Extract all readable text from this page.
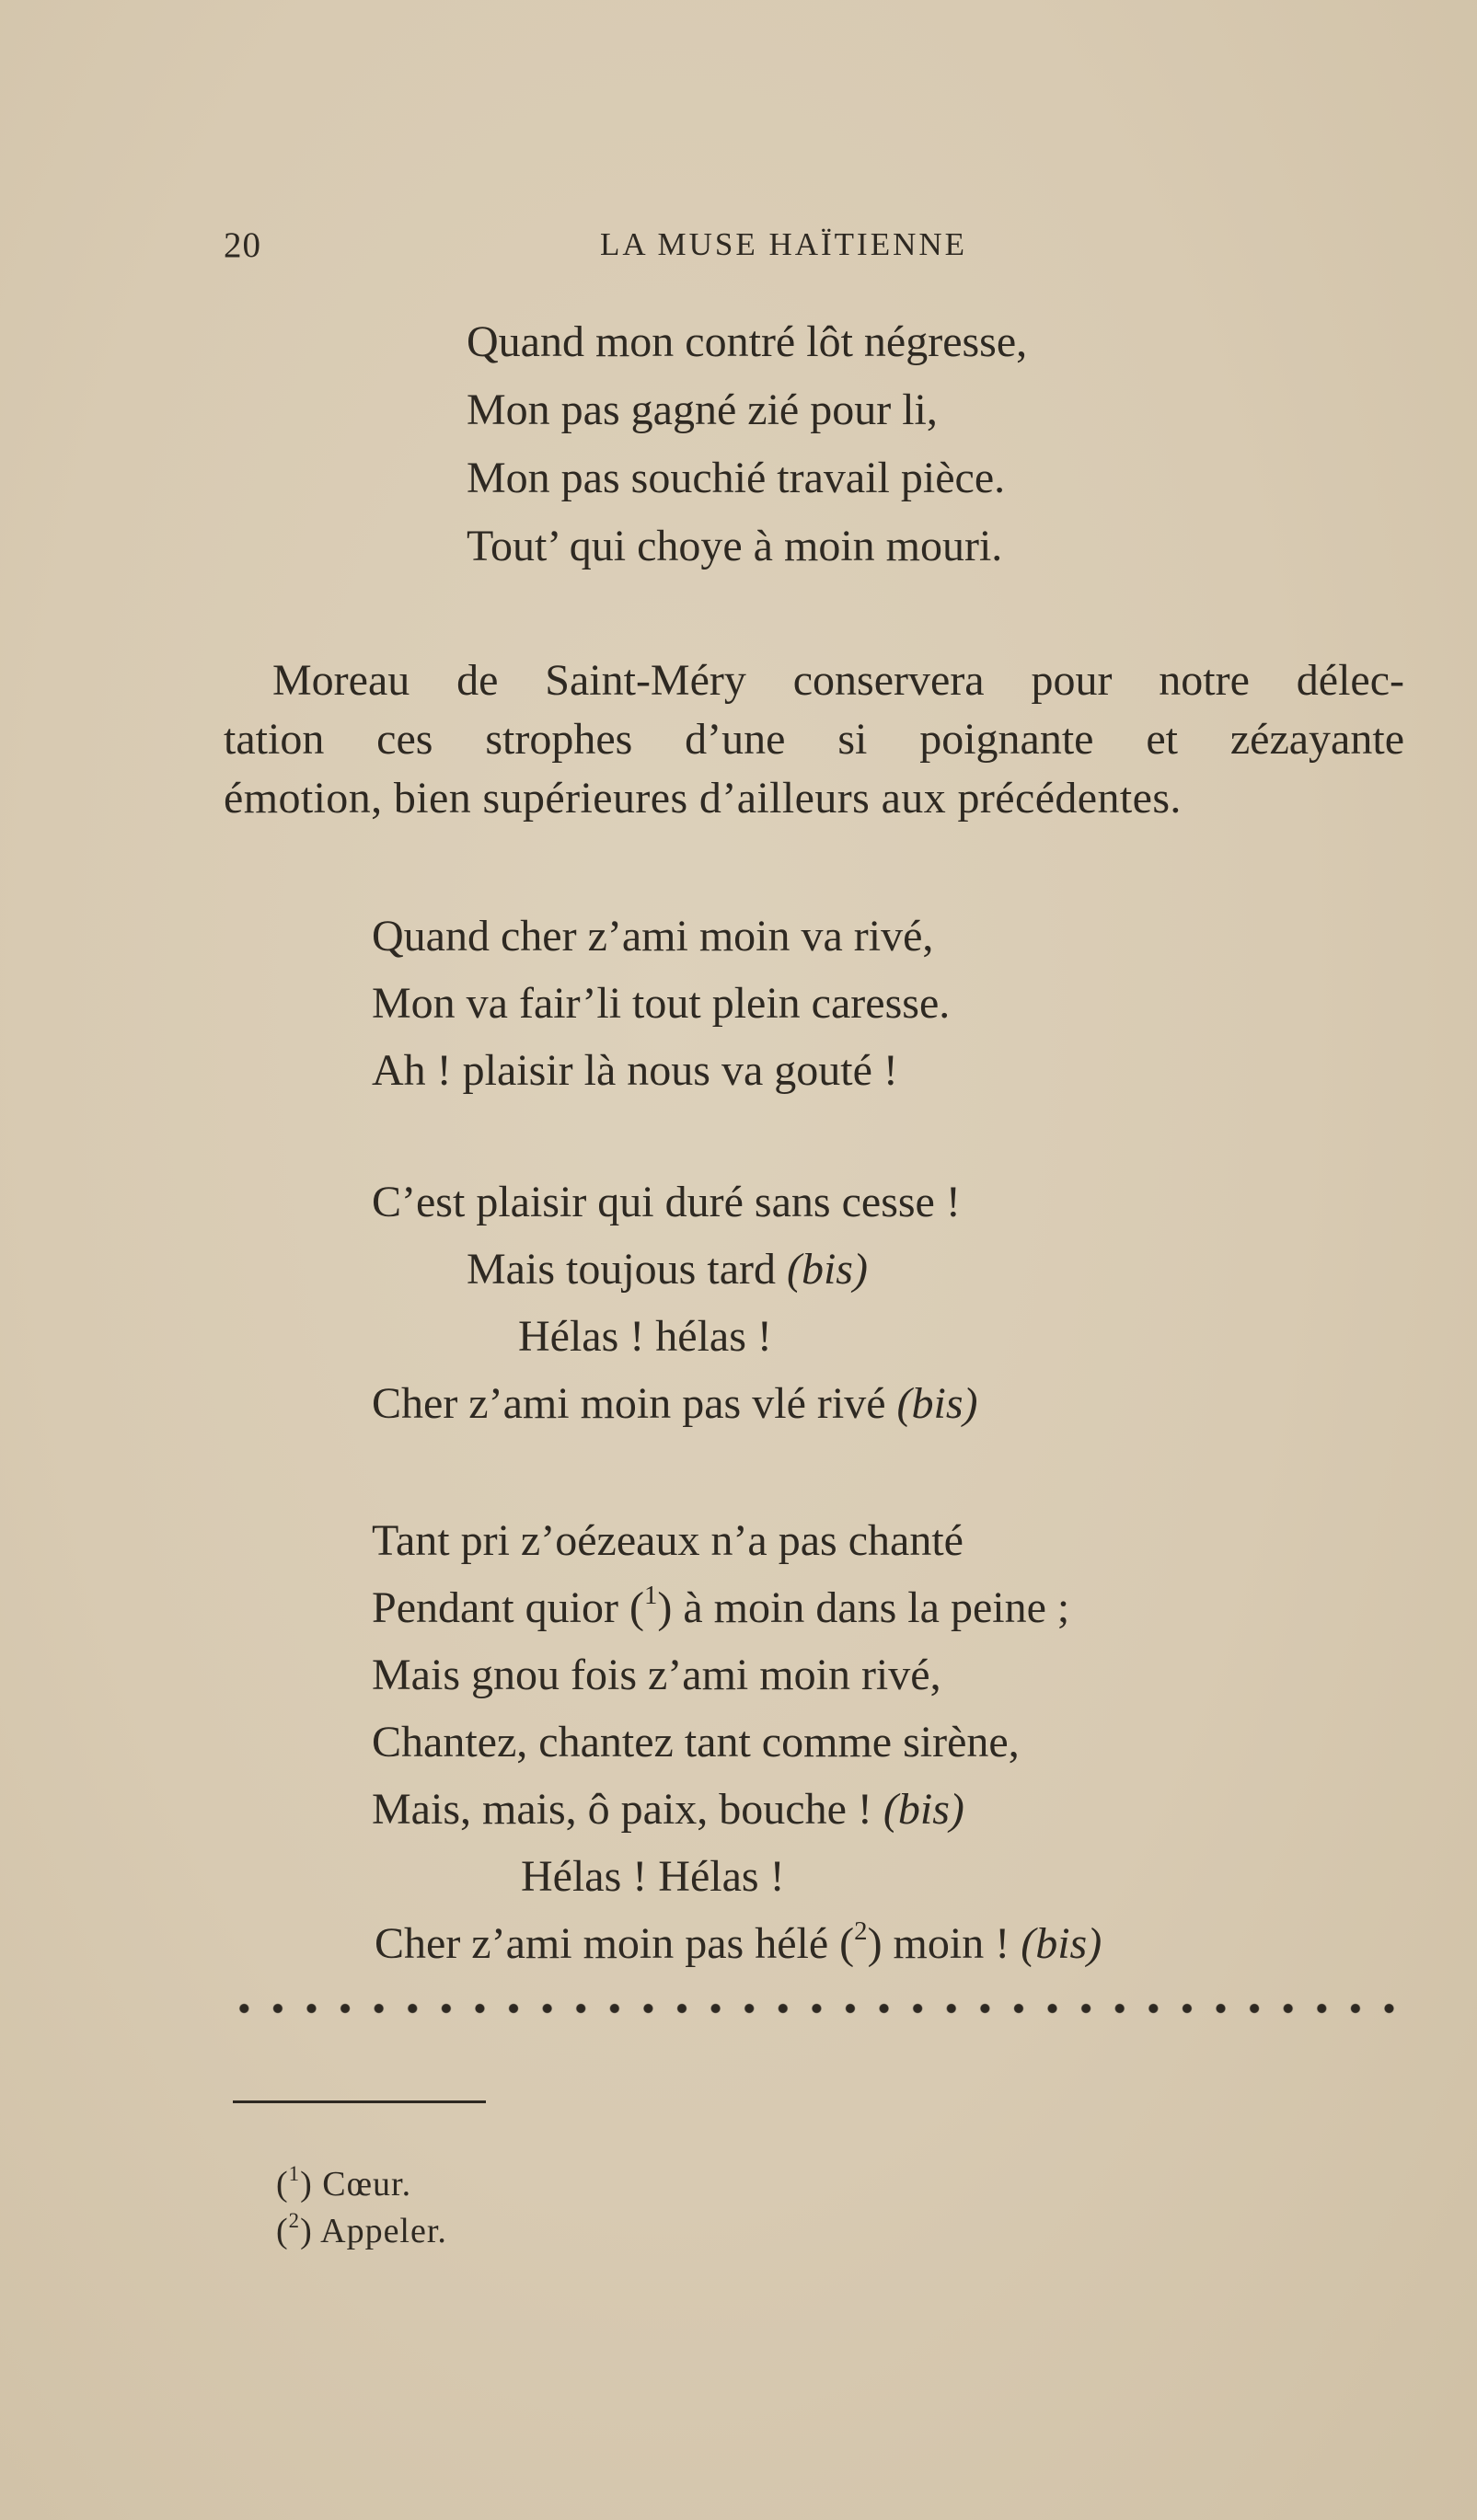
20	LA MUSE HAÏTIENNE
Quand mon contré lôt négresse,
Mon pas gagné zié pour li,
Mon pas souchié travail pièce.
Tout’ qui choye à moin mouri.
Moreau de Saint-Méry conservera pour notre délec-
tation ces strophes d’une si poignante et zézayante
émotion, bien supérieures d’ailleurs aux précédentes.
Quand cher z’ami moin va rivé,
Mon va fair’li tout plein caresse.
Ah ! plaisir là nous va gouté !
C’est plaisir qui duré sans cesse !
Mais toujous tard (bis)
Hélas ! hélas !
Cher z’ami moin pas vlé rivé (bis)
Tant pri z’oézeaux n’a pas chanté
Pendant quior ($^1$) à moin dans la peine ;
Mais gnou fois z’ami moin rivé,
Chantez, chantez tant comme sirène,
Mais, mais, ô paix, bouche ! (bis)
Hélas ! Hélas !
Cher z’ami moin pas hélé ($^2$) moin ! (bis)
($^1$) Cœur.
($^2$) Appeler.
